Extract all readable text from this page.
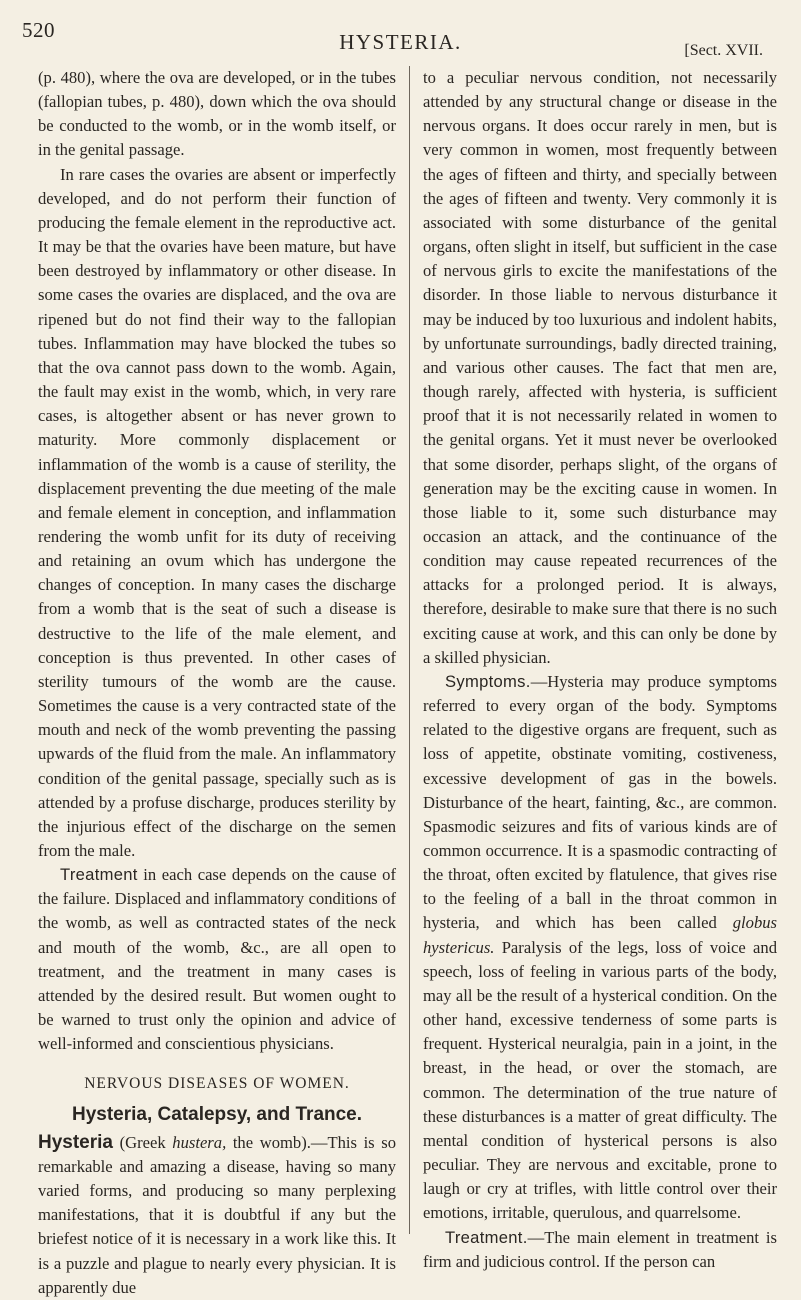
520	HYSTERIA.	[Sect. XVII.

(p. 480), where the ova are developed, or in the tubes (fallopian tubes, p. 480), down which the ova should be conducted to the womb, or in the womb itself, or in the genital passage.

In rare cases the ovaries are absent or imperfectly developed, and do not perform their function of producing the female element in the reproductive act. It may be that the ovaries have been mature, but have been destroyed by inflammatory or other disease. In some cases the ovaries are displaced, and the ova are ripened but do not find their way to the fallopian tubes. Inflammation may have blocked the tubes so that the ova cannot pass down to the womb. Again, the fault may exist in the womb, which, in very rare cases, is altogether absent or has never grown to maturity. More commonly displacement or inflammation of the womb is a cause of sterility, the displacement preventing the due meeting of the male and female element in conception, and inflammation rendering the womb unfit for its duty of receiving and retaining an ovum which has undergone the changes of conception. In many cases the discharge from a womb that is the seat of such a disease is destructive to the life of the male element, and conception is thus prevented. In other cases of sterility tumours of the womb are the cause. Sometimes the cause is a very contracted state of the mouth and neck of the womb preventing the passing upwards of the fluid from the male. An inflammatory condition of the genital passage, specially such as is attended by a profuse discharge, produces sterility by the injurious effect of the discharge on the semen from the male.

Treatment in each case depends on the cause of the failure. Displaced and inflammatory conditions of the womb, as well as contracted states of the neck and mouth of the womb, &c., are all open to treatment, and the treatment in many cases is attended by the desired result. But women ought to be warned to trust only the opinion and advice of well-informed and conscientious physicians.

NERVOUS DISEASES OF WOMEN.

Hysteria, Catalepsy, and Trance.

Hysteria (Greek hustera, the womb).—This is so remarkable and amazing a disease, having so many varied forms, and producing so many perplexing manifestations, that it is doubtful if any but the briefest notice of it is necessary in a work like this. It is a puzzle and plague to nearly every physician. It is apparently due

to a peculiar nervous condition, not necessarily attended by any structural change or disease in the nervous organs. It does occur rarely in men, but is very common in women, most frequently between the ages of fifteen and thirty, and specially between the ages of fifteen and twenty. Very commonly it is associated with some disturbance of the genital organs, often slight in itself, but sufficient in the case of nervous girls to excite the manifestations of the disorder. In those liable to nervous disturbance it may be induced by too luxurious and indolent habits, by unfortunate surroundings, badly directed training, and various other causes. The fact that men are, though rarely, affected with hysteria, is sufficient proof that it is not necessarily related in women to the genital organs. Yet it must never be overlooked that some disorder, perhaps slight, of the organs of generation may be the exciting cause in women. In those liable to it, some such disturbance may occasion an attack, and the continuance of the condition may cause repeated recurrences of the attacks for a prolonged period. It is always, therefore, desirable to make sure that there is no such exciting cause at work, and this can only be done by a skilled physician.

Symptoms.—Hysteria may produce symptoms referred to every organ of the body. Symptoms related to the digestive organs are frequent, such as loss of appetite, obstinate vomiting, costiveness, excessive development of gas in the bowels. Disturbance of the heart, fainting, &c., are common. Spasmodic seizures and fits of various kinds are of common occurrence. It is a spasmodic contracting of the throat, often excited by flatulence, that gives rise to the feeling of a ball in the throat common in hysteria, and which has been called globus hystericus. Paralysis of the legs, loss of voice and speech, loss of feeling in various parts of the body, may all be the result of a hysterical condition. On the other hand, excessive tenderness of some parts is frequent. Hysterical neuralgia, pain in a joint, in the breast, in the head, or over the stomach, are common. The determination of the true nature of these disturbances is a matter of great difficulty. The mental condition of hysterical persons is also peculiar. They are nervous and excitable, prone to laugh or cry at trifles, with little control over their emotions, irritable, querulous, and quarrelsome.

Treatment.—The main element in treatment is firm and judicious control. If the person can
